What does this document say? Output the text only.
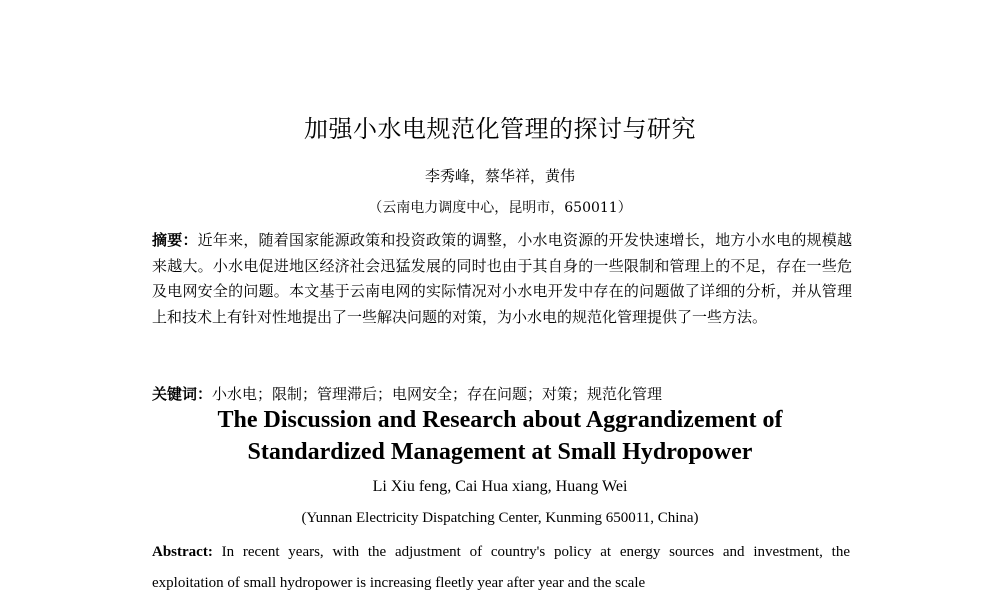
加强小水电规范化管理的探讨与研究
李秀峰，蔡华祥，黄伟
（云南电力调度中心，昆明市，650011）
摘要：近年来，随着国家能源政策和投资政策的调整，小水电资源的开发快速增长，地方小水电的规模越来越大。小水电促进地区经济社会迅猛发展的同时也由于其自身的一些限制和管理上的不足，存在一些危及电网安全的问题。本文基于云南电网的实际情况对小水电开发中存在的问题做了详细的分析，并从管理上和技术上有针对性地提出了一些解决问题的对策，为小水电的规范化管理提供了一些方法。
关键词：小水电；限制；管理滞后；电网安全；存在问题；对策；规范化管理
The Discussion and Research about Aggrandizement of
Standardized Management at Small Hydropower
Li Xiu feng, Cai Hua xiang, Huang Wei
(Yunnan Electricity Dispatching Center, Kunming 650011, China)
Abstract: In recent years, with the adjustment of country's policy at energy sources and investment, the exploitation of small hydropower is increasing fleetly year after year and the scale
